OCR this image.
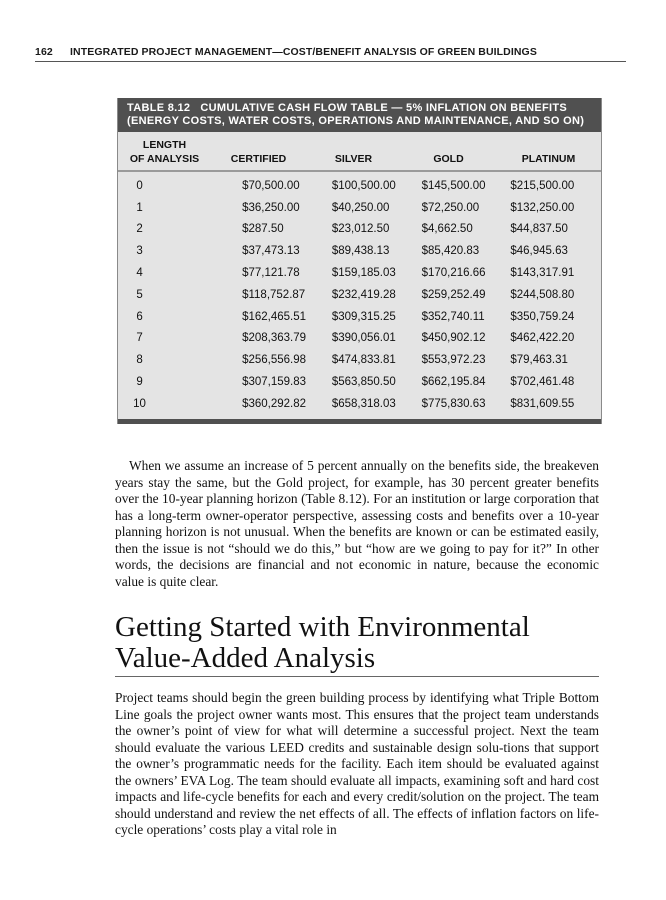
162 INTEGRATED PROJECT MANAGEMENT—COST/BENEFIT ANALYSIS OF GREEN BUILDINGS
TABLE 8.12   CUMULATIVE CASH FLOW TABLE — 5% INFLATION ON BENEFITS
(ENERGY COSTS, WATER COSTS, OPERATIONS AND MAINTENANCE, AND SO ON)
LENGTH
OF ANALYSIS	CERTIFIED	SILVER	GOLD	PLATINUM
0	$70,500.00	$100,500.00	$145,500.00	$215,500.00
1	$36,250.00	$40,250.00	$72,250.00	$132,250.00
2	$287.50	$23,012.50	$4,662.50	$44,837.50
3	$37,473.13	$89,438.13	$85,420.83	$46,945.63
4	$77,121.78	$159,185.03	$170,216.66	$143,317.91
5	$118,752.87	$232,419.28	$259,252.49	$244,508.80
6	$162,465.51	$309,315.25	$352,740.11	$350,759.24
7	$208,363.79	$390,056.01	$450,902.12	$462,422.20
8	$256,556.98	$474,833.81	$553,972.23	$79,463.31
9	$307,159.83	$563,850.50	$662,195.84	$702,461.48
10	$360,292.82	$658,318.03	$775,830.63	$831,609.55

When we assume an increase of 5 percent annually on the benefits side, the breakeven years stay the same, but the Gold project, for example, has 30 percent greater benefits over the 10-year planning horizon (Table 8.12). For an institution or large corporation that has a long-term owner-operator perspective, assessing costs and benefits over a 10-year planning horizon is not unusual. When the benefits are known or can be estimated easily, then the issue is not “should we do this,” but “how are we going to pay for it?” In other words, the decisions are financial and not economic in nature, because the economic value is quite clear.

Getting Started with Environmental Value-Added Analysis

Project teams should begin the green building process by identifying what Triple Bottom Line goals the project owner wants most. This ensures that the project team understands the owner’s point of view for what will determine a successful project. Next the team should evaluate the various LEED credits and sustainable design solu-tions that support the owner’s programmatic needs for the facility. Each item should be evaluated against the owners’ EVA Log. The team should evaluate all impacts, examining soft and hard cost impacts and life-cycle benefits for each and every credit/solution on the project. The team should understand and review the net effects of all. The effects of inflation factors on life-cycle operations’ costs play a vital role in
